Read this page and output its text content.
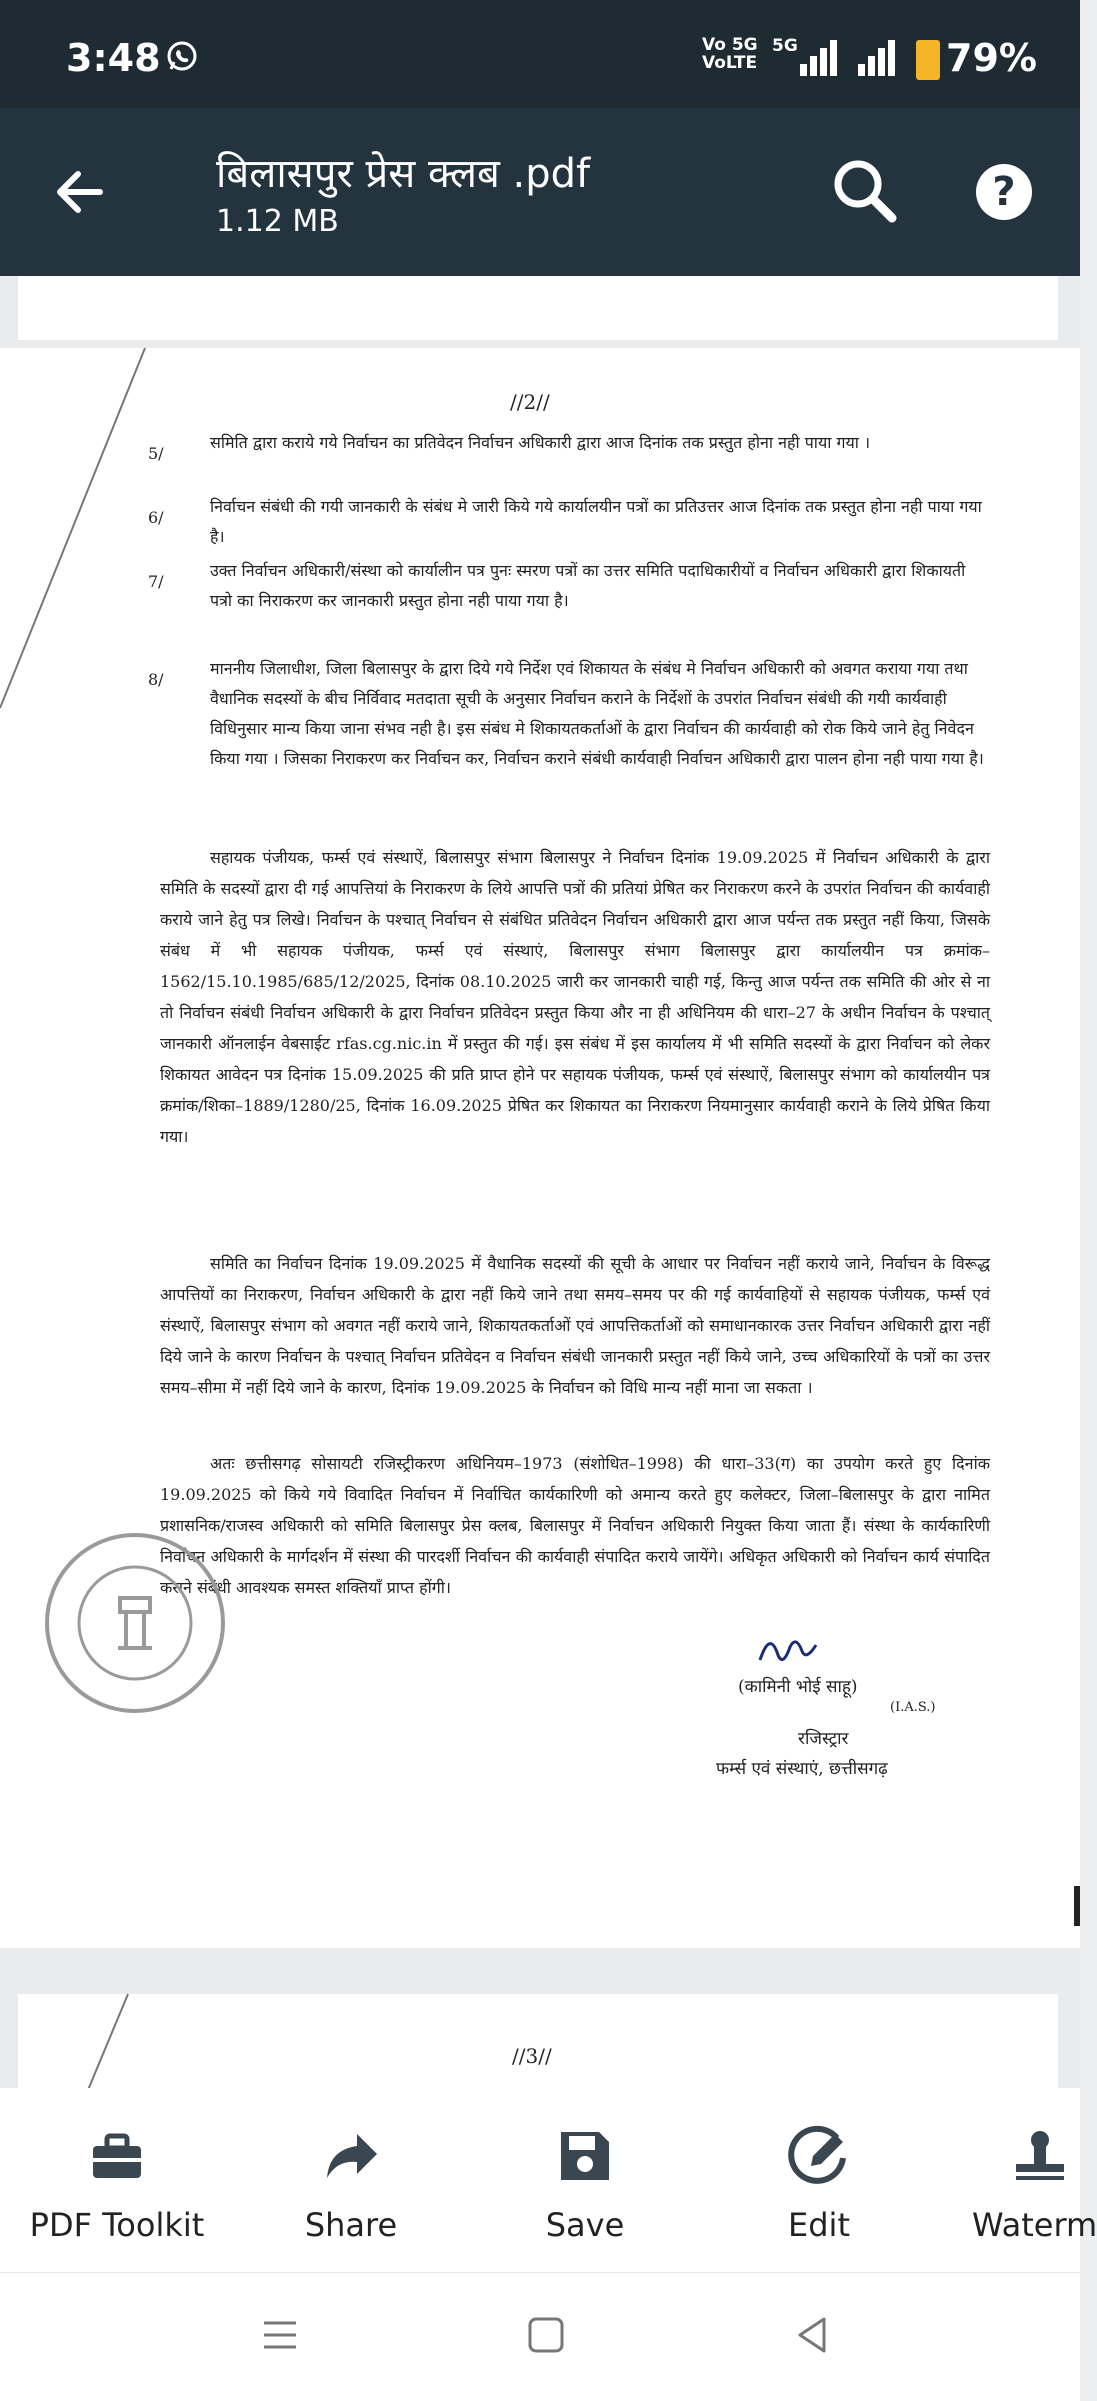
3:48	Vo 5G
VoLTE
5G	79%
बिलासपुर प्रेस क्लब .pdf
1.12 MB
?
//2//
5/
समिति द्वारा कराये गये निर्वाचन का प्रतिवेदन निर्वाचन अधिकारी द्वारा आज दिनांक तक प्रस्तुत होना नही पाया गया ।
6/
निर्वाचन संबंधी की गयी जानकारी के संबंध मे जारी किये गये कार्यालयीन पत्रों का प्रतिउत्तर आज दिनांक तक प्रस्तुत होना नही पाया गया है।
7/
उक्त निर्वाचन अधिकारी/संस्था को कार्यालीन पत्र पुनः स्मरण पत्रों का उत्तर समिति पदाधिकारीयों व निर्वाचन अधिकारी द्वारा शिकायती पत्रो का निराकरण कर जानकारी प्रस्तुत होना नही पाया गया है।
8/
माननीय जिलाधीश, जिला बिलासपुर के द्वारा दिये गये निर्देश एवं शिकायत के संबंध मे निर्वाचन अधिकारी को अवगत कराया गया तथा वैधानिक सदस्यों के बीच निर्विवाद मतदाता सूची के अनुसार निर्वाचन कराने के निर्देशों के उपरांत निर्वाचन संबंधी की गयी कार्यवाही विधिनुसार मान्य किया जाना संभव नही है। इस संबंध मे शिकायतकर्ताओं के द्वारा निर्वाचन की कार्यवाही को रोक किये जाने हेतु निवेदन किया गया । जिसका निराकरण कर निर्वाचन कर, निर्वाचन कराने संबंधी कार्यवाही निर्वाचन अधिकारी द्वारा पालन होना नही पाया गया है।
सहायक पंजीयक, फर्म्स एवं संस्थाऐं, बिलासपुर संभाग बिलासपुर ने निर्वाचन दिनांक 19.09.2025 में निर्वाचन अधिकारी के द्वारा समिति के सदस्यों द्वारा दी गई आपत्तियां के निराकरण के लिये आपत्ति पत्रों की प्रतियां प्रेषित कर निराकरण करने के उपरांत निर्वाचन की कार्यवाही कराये जाने हेतु पत्र लिखे। निर्वाचन के पश्चात् निर्वाचन से संबंधित प्रतिवेदन निर्वाचन अधिकारी द्वारा आज पर्यन्त तक प्रस्तुत नहीं किया, जिसके संबंध में भी सहायक पंजीयक, फर्म्स एवं संस्थाएं, बिलासपुर संभाग बिलासपुर द्वारा कार्यालयीन पत्र क्रमांक–1562/15.10.1985/685/12/2025, दिनांक 08.10.2025 जारी कर जानकारी चाही गई, किन्तु आज पर्यन्त तक समिति की ओर से ना तो निर्वाचन संबंधी निर्वाचन अधिकारी के द्वारा निर्वाचन प्रतिवेदन प्रस्तुत किया और ना ही अधिनियम की धारा–27 के अधीन निर्वाचन के पश्चात् जानकारी ऑनलाईन वेबसाईट rfas.cg.nic.in में प्रस्तुत की गई। इस संबंध में इस कार्यालय में भी समिति सदस्यों के द्वारा निर्वाचन को लेकर शिकायत आवेदन पत्र दिनांक 15.09.2025 की प्रति प्राप्त होने पर सहायक पंजीयक, फर्म्स एवं संस्थाऐं, बिलासपुर संभाग को कार्यालयीन पत्र क्रमांक/शिका–1889/1280/25, दिनांक 16.09.2025 प्रेषित कर शिकायत का निराकरण नियमानुसार कार्यवाही कराने के लिये प्रेषित किया गया।
समिति का निर्वाचन दिनांक 19.09.2025 में वैधानिक सदस्यों की सूची के आधार पर निर्वाचन नहीं कराये जाने, निर्वाचन के विरूद्ध आपत्तियों का निराकरण, निर्वाचन अधिकारी के द्वारा नहीं किये जाने तथा समय–समय पर की गई कार्यवाहियों से सहायक पंजीयक, फर्म्स एवं संस्थाऐं, बिलासपुर संभाग को अवगत नहीं कराये जाने, शिकायतकर्ताओं एवं आपत्तिकर्ताओं को समाधानकारक उत्तर निर्वाचन अधिकारी द्वारा नहीं दिये जाने के कारण निर्वाचन के पश्चात् निर्वाचन प्रतिवेदन व निर्वाचन संबंधी जानकारी प्रस्तुत नहीं किये जाने, उच्च अधिकारियों के पत्रों का उत्तर समय–सीमा में नहीं दिये जाने के कारण, दिनांक 19.09.2025 के निर्वाचन को विधि मान्य नहीं माना जा सकता ।
अतः छत्तीसगढ़ सोसायटी रजिस्ट्रीकरण अधिनियम–1973 (संशोधित–1998) की धारा–33(ग) का उपयोग करते हुए दिनांक 19.09.2025 को किये गये विवादित निर्वाचन में निर्वाचित कार्यकारिणी को अमान्य करते हुए कलेक्टर, जिला–बिलासपुर के द्वारा नामित प्रशासनिक/राजस्व अधिकारी को समिति बिलासपुर प्रेस क्लब, बिलासपुर में निर्वाचन अधिकारी नियुक्त किया जाता हैं। संस्था के कार्यकारिणी निर्वाचन अधिकारी के मार्गदर्शन में संस्था की पारदर्शी निर्वाचन की कार्यवाही संपादित कराये जायेंगे। अधिकृत अधिकारी को निर्वाचन कार्य संपादित कराने संबंधी आवश्यक समस्त शक्तियाँ प्राप्त होंगी।
(कामिनी भोई साहू)
(I.A.S.)
रजिस्ट्रार
फर्म्स एवं संस्थाएं, छत्तीसगढ़
//3//
PDF Toolkit	Share	Save	Edit	Waterm
